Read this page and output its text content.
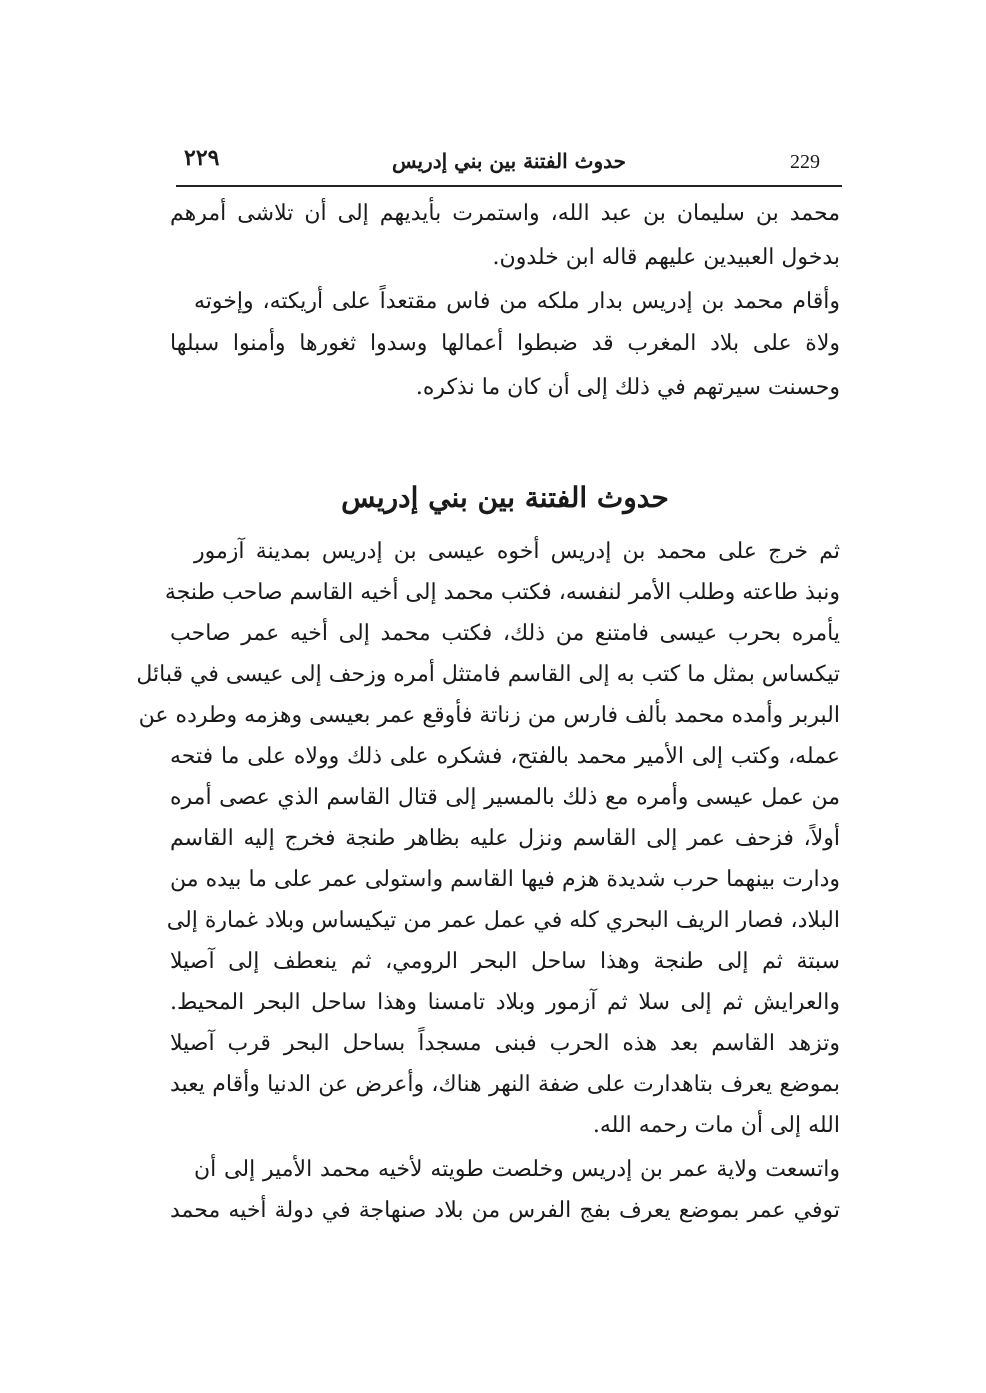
٢٢٩	حدوث الفتنة بين بني إدريس	229
محمد بن سليمان بن عبد الله، واستمرت بأيديهم إلى أن تلاشى أمرهم
بدخول العبيدين عليهم قاله ابن خلدون.
وأقام محمد بن إدريس بدار ملكه من فاس مقتعداً على أريكته، وإخوته
ولاة على بلاد المغرب قد ضبطوا أعمالها وسدوا ثغورها وأمنوا سبلها
وحسنت سيرتهم في ذلك إلى أن كان ما نذكره.
حدوث الفتنة بين بني إدريس
ثم خرج على محمد بن إدريس أخوه عيسى بن إدريس بمدينة آزمور
ونبذ طاعته وطلب الأمر لنفسه، فكتب محمد إلى أخيه القاسم صاحب طنجة
يأمره بحرب عيسى فامتنع من ذلك، فكتب محمد إلى أخيه عمر صاحب
تيكساس بمثل ما كتب به إلى القاسم فامتثل أمره وزحف إلى عيسى في قبائل
البربر وأمده محمد بألف فارس من زناتة فأوقع عمر بعيسى وهزمه وطرده عن
عمله، وكتب إلى الأمير محمد بالفتح، فشكره على ذلك وولاه على ما فتحه
من عمل عيسى وأمره مع ذلك بالمسير إلى قتال القاسم الذي عصى أمره
أولاً، فزحف عمر إلى القاسم ونزل عليه بظاهر طنجة فخرج إليه القاسم
ودارت بينهما حرب شديدة هزم فيها القاسم واستولى عمر على ما بيده من
البلاد، فصار الريف البحري كله في عمل عمر من تيكيساس وبلاد غمارة إلى
سبتة ثم إلى طنجة وهذا ساحل البحر الرومي، ثم ينعطف إلى آصيلا
والعرايش ثم إلى سلا ثم آزمور وبلاد تامسنا وهذا ساحل البحر المحيط.
وتزهد القاسم بعد هذه الحرب فبنى مسجداً بساحل البحر قرب آصيلا
بموضع يعرف بتاهدارت على ضفة النهر هناك، وأعرض عن الدنيا وأقام يعبد
الله إلى أن مات رحمه الله.
واتسعت ولاية عمر بن إدريس وخلصت طويته لأخيه محمد الأمير إلى أن
توفي عمر بموضع يعرف بفج الفرس من بلاد صنهاجة في دولة أخيه محمد
